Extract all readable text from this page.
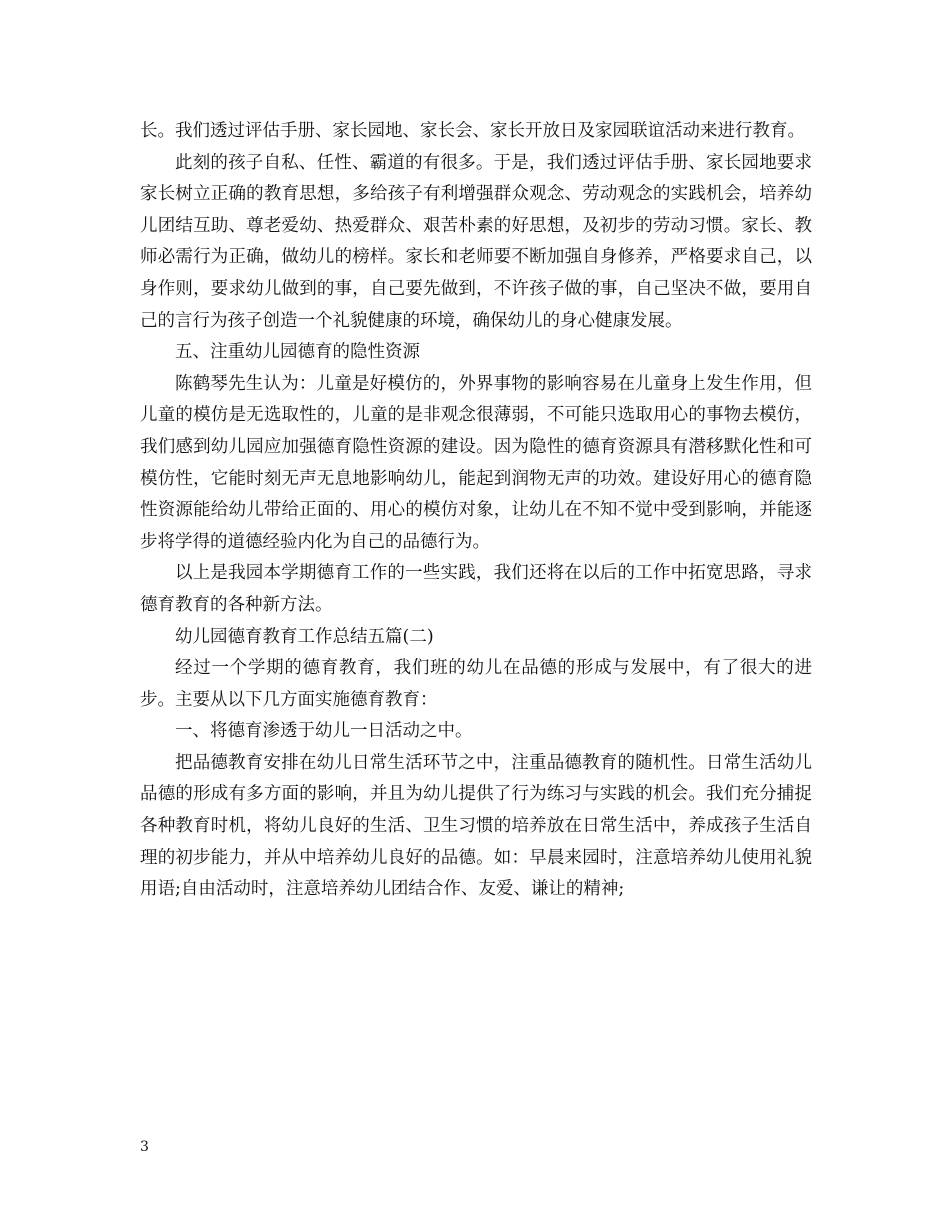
长。我们透过评估手册、家长园地、家长会、家长开放日及家园联谊活动来进行教育。

此刻的孩子自私、任性、霸道的有很多。于是，我们透过评估手册、家长园地要求家长树立正确的教育思想，多给孩子有利增强群众观念、劳动观念的实践机会，培养幼儿团结互助、尊老爱幼、热爱群众、艰苦朴素的好思想，及初步的劳动习惯。家长、教师必需行为正确，做幼儿的榜样。家长和老师要不断加强自身修养，严格要求自己，以身作则，要求幼儿做到的事，自己要先做到，不许孩子做的事，自己坚决不做，要用自己的言行为孩子创造一个礼貌健康的环境，确保幼儿的身心健康发展。

五、注重幼儿园德育的隐性资源

陈鹤琴先生认为：儿童是好模仿的，外界事物的影响容易在儿童身上发生作用，但儿童的模仿是无选取性的，儿童的是非观念很薄弱，不可能只选取用心的事物去模仿，我们感到幼儿园应加强德育隐性资源的建设。因为隐性的德育资源具有潜移默化性和可模仿性，它能时刻无声无息地影响幼儿，能起到润物无声的功效。建设好用心的德育隐性资源能给幼儿带给正面的、用心的模仿对象，让幼儿在不知不觉中受到影响，并能逐步将学得的道德经验内化为自己的品德行为。

以上是我园本学期德育工作的一些实践，我们还将在以后的工作中拓宽思路，寻求德育教育的各种新方法。

幼儿园德育教育工作总结五篇(二)

经过一个学期的德育教育，我们班的幼儿在品德的形成与发展中，有了很大的进步。主要从以下几方面实施德育教育：

一、将德育渗透于幼儿一日活动之中。

把品德教育安排在幼儿日常生活环节之中，注重品德教育的随机性。日常生活幼儿品德的形成有多方面的影响，并且为幼儿提供了行为练习与实践的机会。我们充分捕捉各种教育时机，将幼儿良好的生活、卫生习惯的培养放在日常生活中，养成孩子生活自理的初步能力，并从中培养幼儿良好的品德。如：早晨来园时，注意培养幼儿使用礼貌用语;自由活动时，注意培养幼儿团结合作、友爱、谦让的精神;

3
